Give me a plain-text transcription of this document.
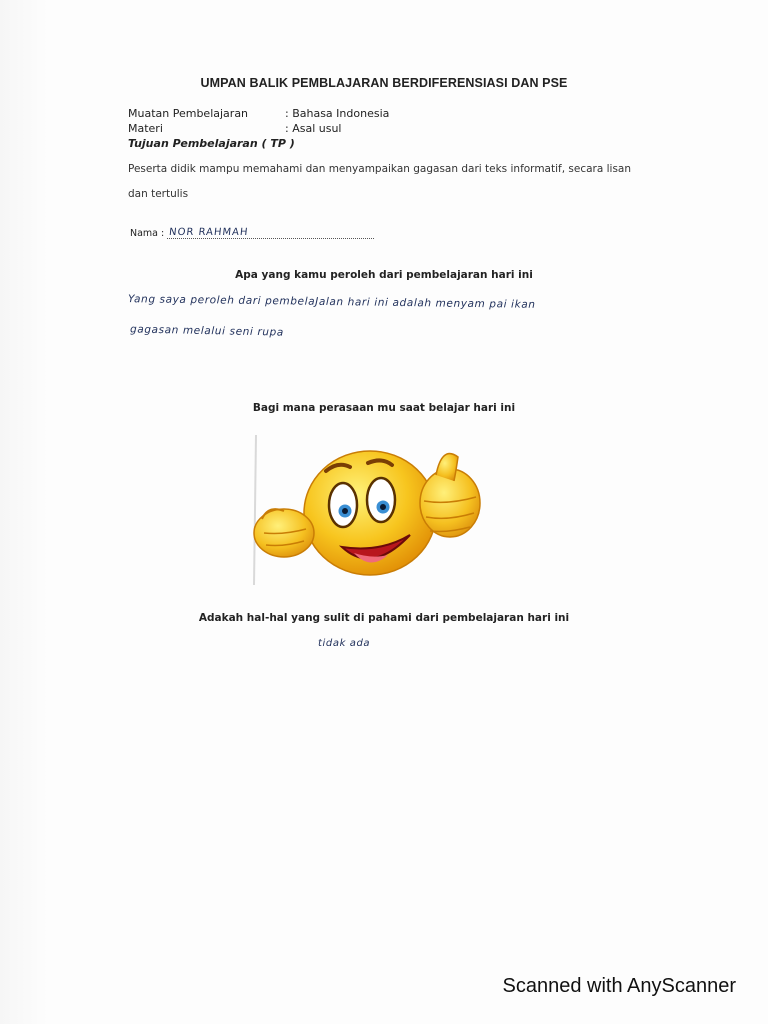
UMPAN BALIK PEMBLAJARAN BERDIFERENSIASI DAN PSE
Muatan Pembelajaran	: Bahasa Indonesia
Materi	: Asal usul
Tujuan Pembelajaran ( TP )
Peserta didik mampu memahami dan menyampaikan gagasan dari teks informatif, secara lisan dan tertulis
Nama : NOR RAHMAH
Apa yang kamu peroleh dari pembelajaran hari ini
Yang saya peroleh dari pembelaJalan hari ini adalah menyam pai ikan
gagasan melalui seni rupa
Bagi mana perasaan mu saat belajar hari ini
Adakah hal-hal yang sulit di pahami dari pembelajaran hari ini
tidak ada
Scanned with AnyScanner
